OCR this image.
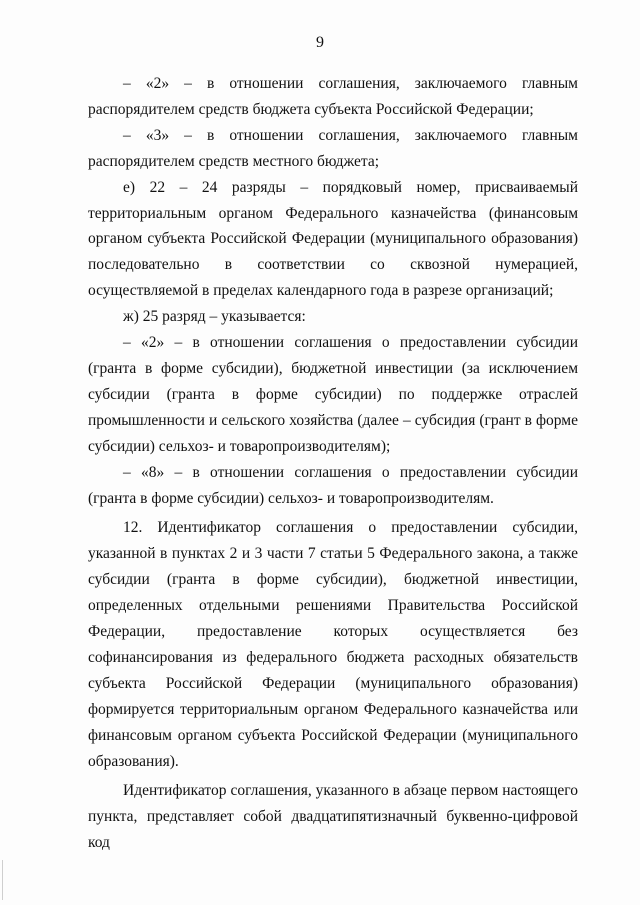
9

– «2» – в отношении соглашения, заключаемого главным распорядителем средств бюджета субъекта Российской Федерации;

– «3» – в отношении соглашения, заключаемого главным распорядителем средств местного бюджета;

е) 22 – 24 разряды – порядковый номер, присваиваемый территориальным органом Федерального казначейства (финансовым органом субъекта Российской Федерации (муниципального образования) последовательно в соответствии со сквозной нумерацией, осуществляемой в пределах календарного года в разрезе организаций;

ж) 25 разряд – указывается:

– «2» – в отношении соглашения о предоставлении субсидии (гранта в форме субсидии), бюджетной инвестиции (за исключением субсидии (гранта в форме субсидии) по поддержке отраслей промышленности и сельского хозяйства (далее – субсидия (грант в форме субсидии) сельхоз- и товаропроизводителям);

– «8» – в отношении соглашения о предоставлении субсидии (гранта в форме субсидии) сельхоз- и товаропроизводителям.

12. Идентификатор соглашения о предоставлении субсидии, указанной в пунктах 2 и 3 части 7 статьи 5 Федерального закона, а также субсидии (гранта в форме субсидии), бюджетной инвестиции, определенных отдельными решениями Правительства Российской Федерации, предоставление которых осуществляется без софинансирования из федерального бюджета расходных обязательств субъекта Российской Федерации (муниципального образования) формируется территориальным органом Федерального казначейства или финансовым органом субъекта Российской Федерации (муниципального образования).

Идентификатор соглашения, указанного в абзаце первом настоящего пункта, представляет собой двадцатипятизначный буквенно-цифровой код
